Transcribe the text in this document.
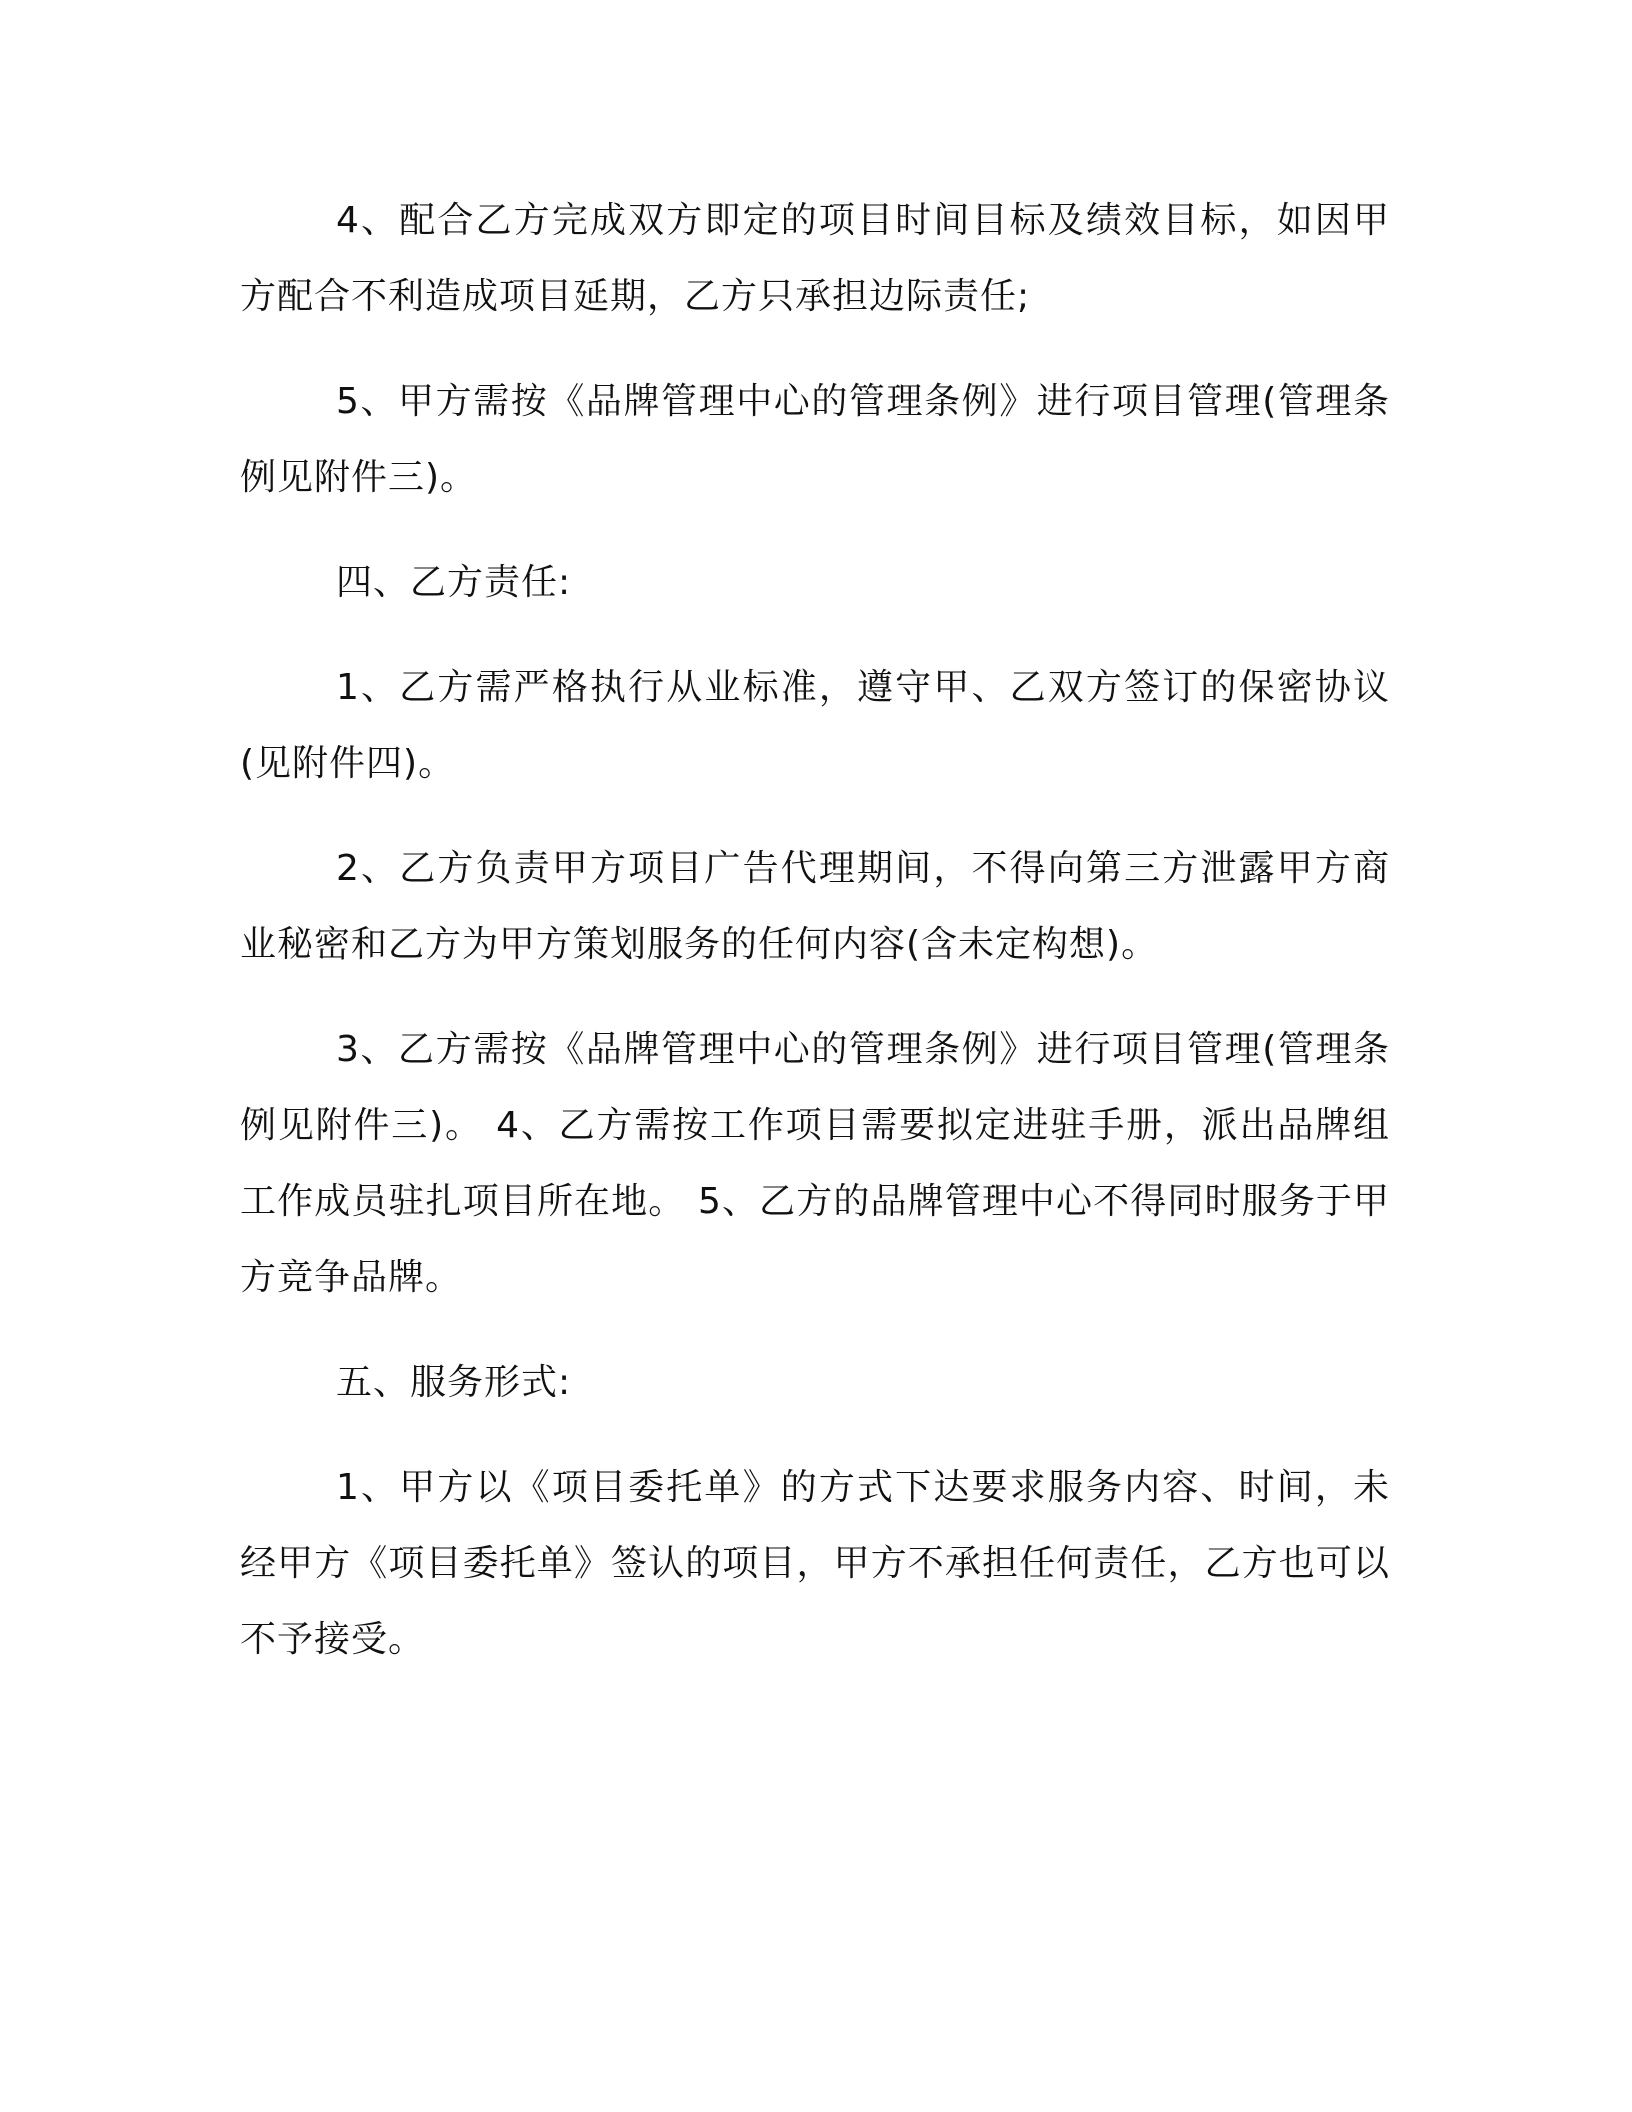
4、配合乙方完成双方即定的项目时间目标及绩效目标，如因甲方配合不利造成项目延期，乙方只承担边际责任;

5、甲方需按《品牌管理中心的管理条例》进行项目管理(管理条例见附件三)。

四、乙方责任:

1、乙方需严格执行从业标准，遵守甲、乙双方签订的保密协议(见附件四)。

2、乙方负责甲方项目广告代理期间，不得向第三方泄露甲方商业秘密和乙方为甲方策划服务的任何内容(含未定构想)。

3、乙方需按《品牌管理中心的管理条例》进行项目管理(管理条例见附件三)。 4、乙方需按工作项目需要拟定进驻手册，派出品牌组工作成员驻扎项目所在地。 5、乙方的品牌管理中心不得同时服务于甲方竞争品牌。

五、服务形式:

1、甲方以《项目委托单》的方式下达要求服务内容、时间，未经甲方《项目委托单》签认的项目，甲方不承担任何责任，乙方也可以不予接受。
